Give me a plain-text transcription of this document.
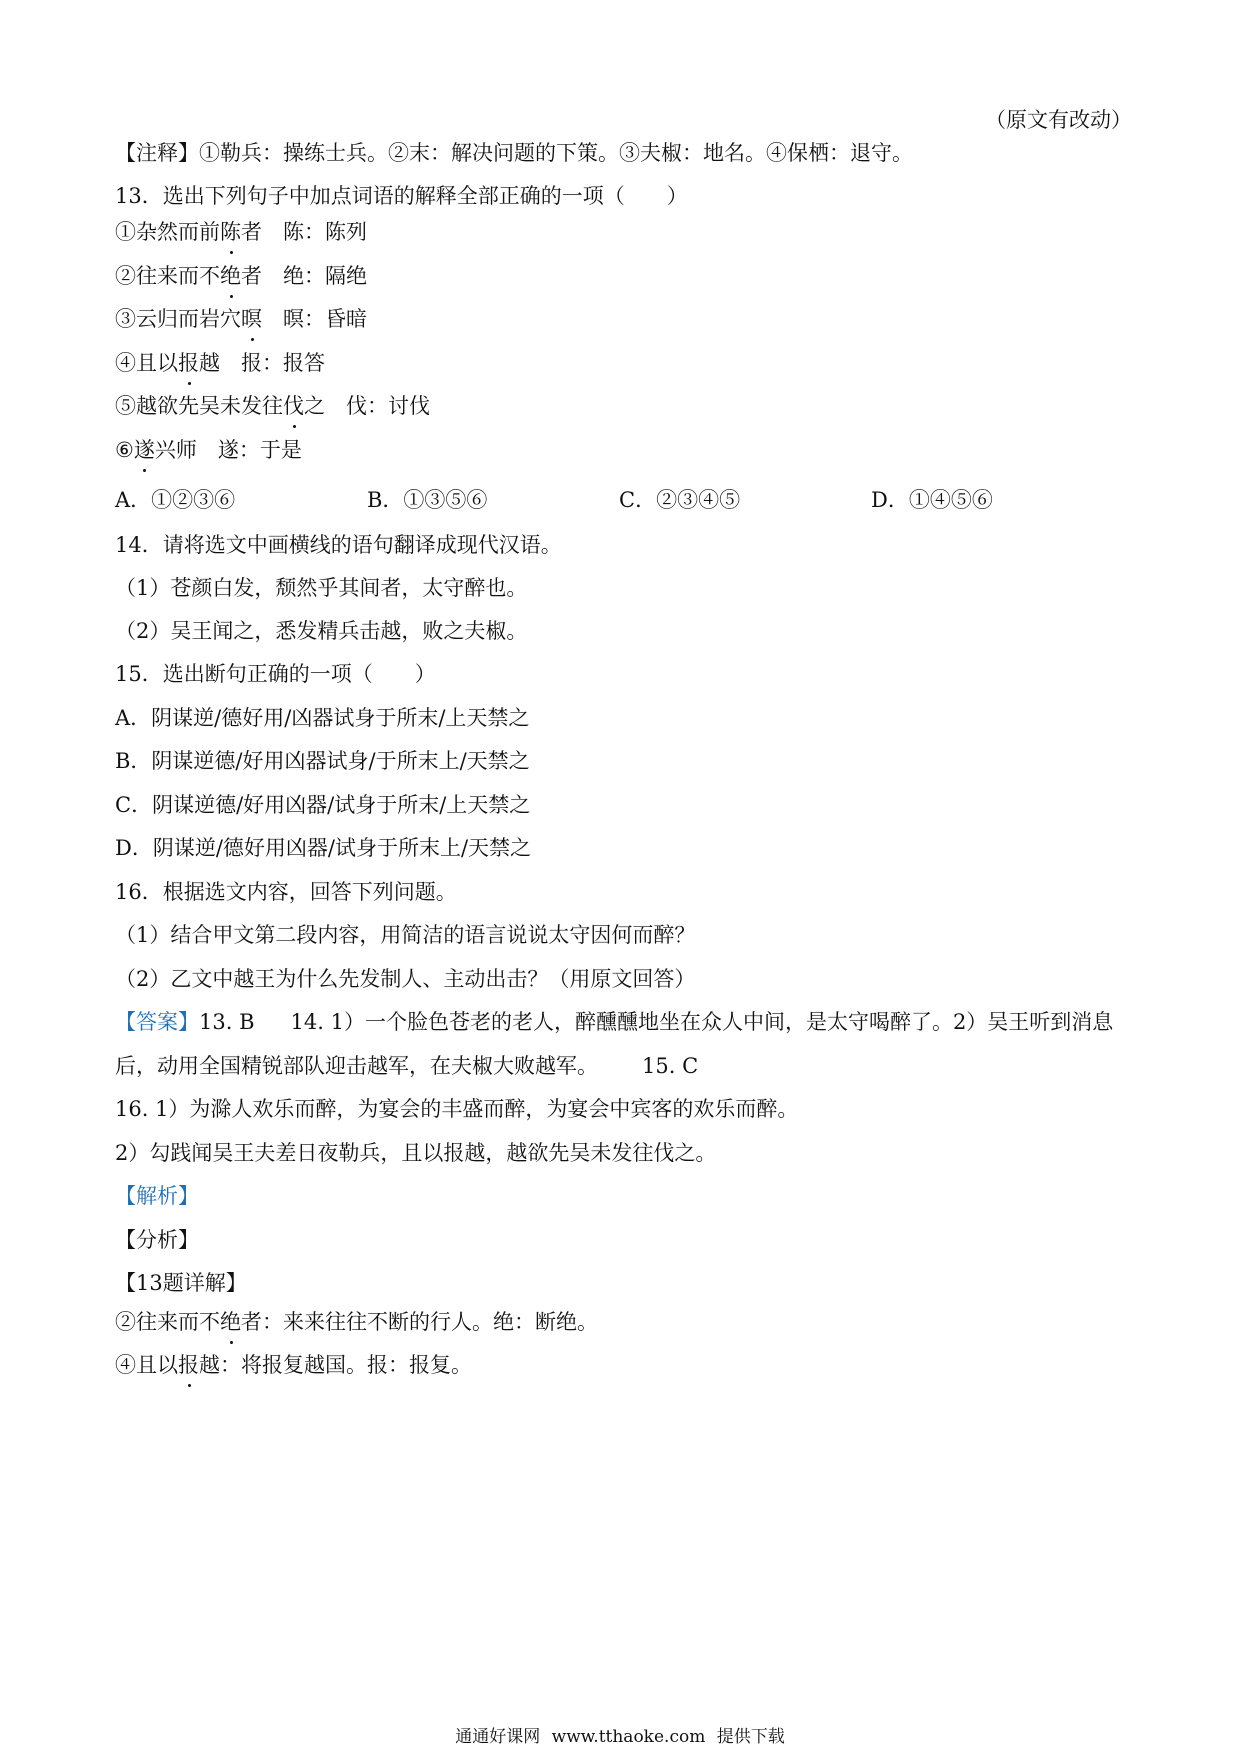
（原文有改动）
【注释】①勒兵：操练士兵。②末：解决问题的下策。③夫椒：地名。④保栖：退守。
13．选出下列句子中加点词语的解释全部正确的一项（　　）
①杂然而前陈者　陈：陈列
②往来而不绝者　绝：隔绝
③云归而岩穴暝　暝：昏暗
④且以报越　报：报答
⑤越欲先吴未发往伐之　伐：讨伐
⑥遂兴师　遂：于是
A．①②③⑥	B．①③⑤⑥	C．②③④⑤	D．①④⑤⑥
14．请将选文中画横线的语句翻译成现代汉语。
（1）苍颜白发，颓然乎其间者，太守醉也。
（2）吴王闻之，悉发精兵击越，败之夫椒。
15．选出断句正确的一项（　　）
A．阴谋逆/德好用/凶器试身于所末/上天禁之
B．阴谋逆德/好用凶器试身/于所末上/天禁之
C．阴谋逆德/好用凶器/试身于所末/上天禁之
D．阴谋逆/德好用凶器/试身于所末上/天禁之
16．根据选文内容，回答下列问题。
（1）结合甲文第二段内容，用简洁的语言说说太守因何而醉？
（2）乙文中越王为什么先发制人、主动出击？（用原文回答）
【答案】13. B 14. 1）一个脸色苍老的老人，醉醺醺地坐在众人中间，是太守喝醉了。2）吴王听到消息
后，动用全国精锐部队迎击越军，在夫椒大败越军。 15. C
16. 1）为滁人欢乐而醉，为宴会的丰盛而醉，为宴会中宾客的欢乐而醉。
2）勾践闻吴王夫差日夜勒兵，且以报越，越欲先吴未发往伐之。
【解析】
【分析】
【13题详解】
②往来而不绝者：来来往往不断的行人。绝：断绝。
④且以报越：将报复越国。报：报复。
通通好课网 www.tthaoke.com 提供下载
